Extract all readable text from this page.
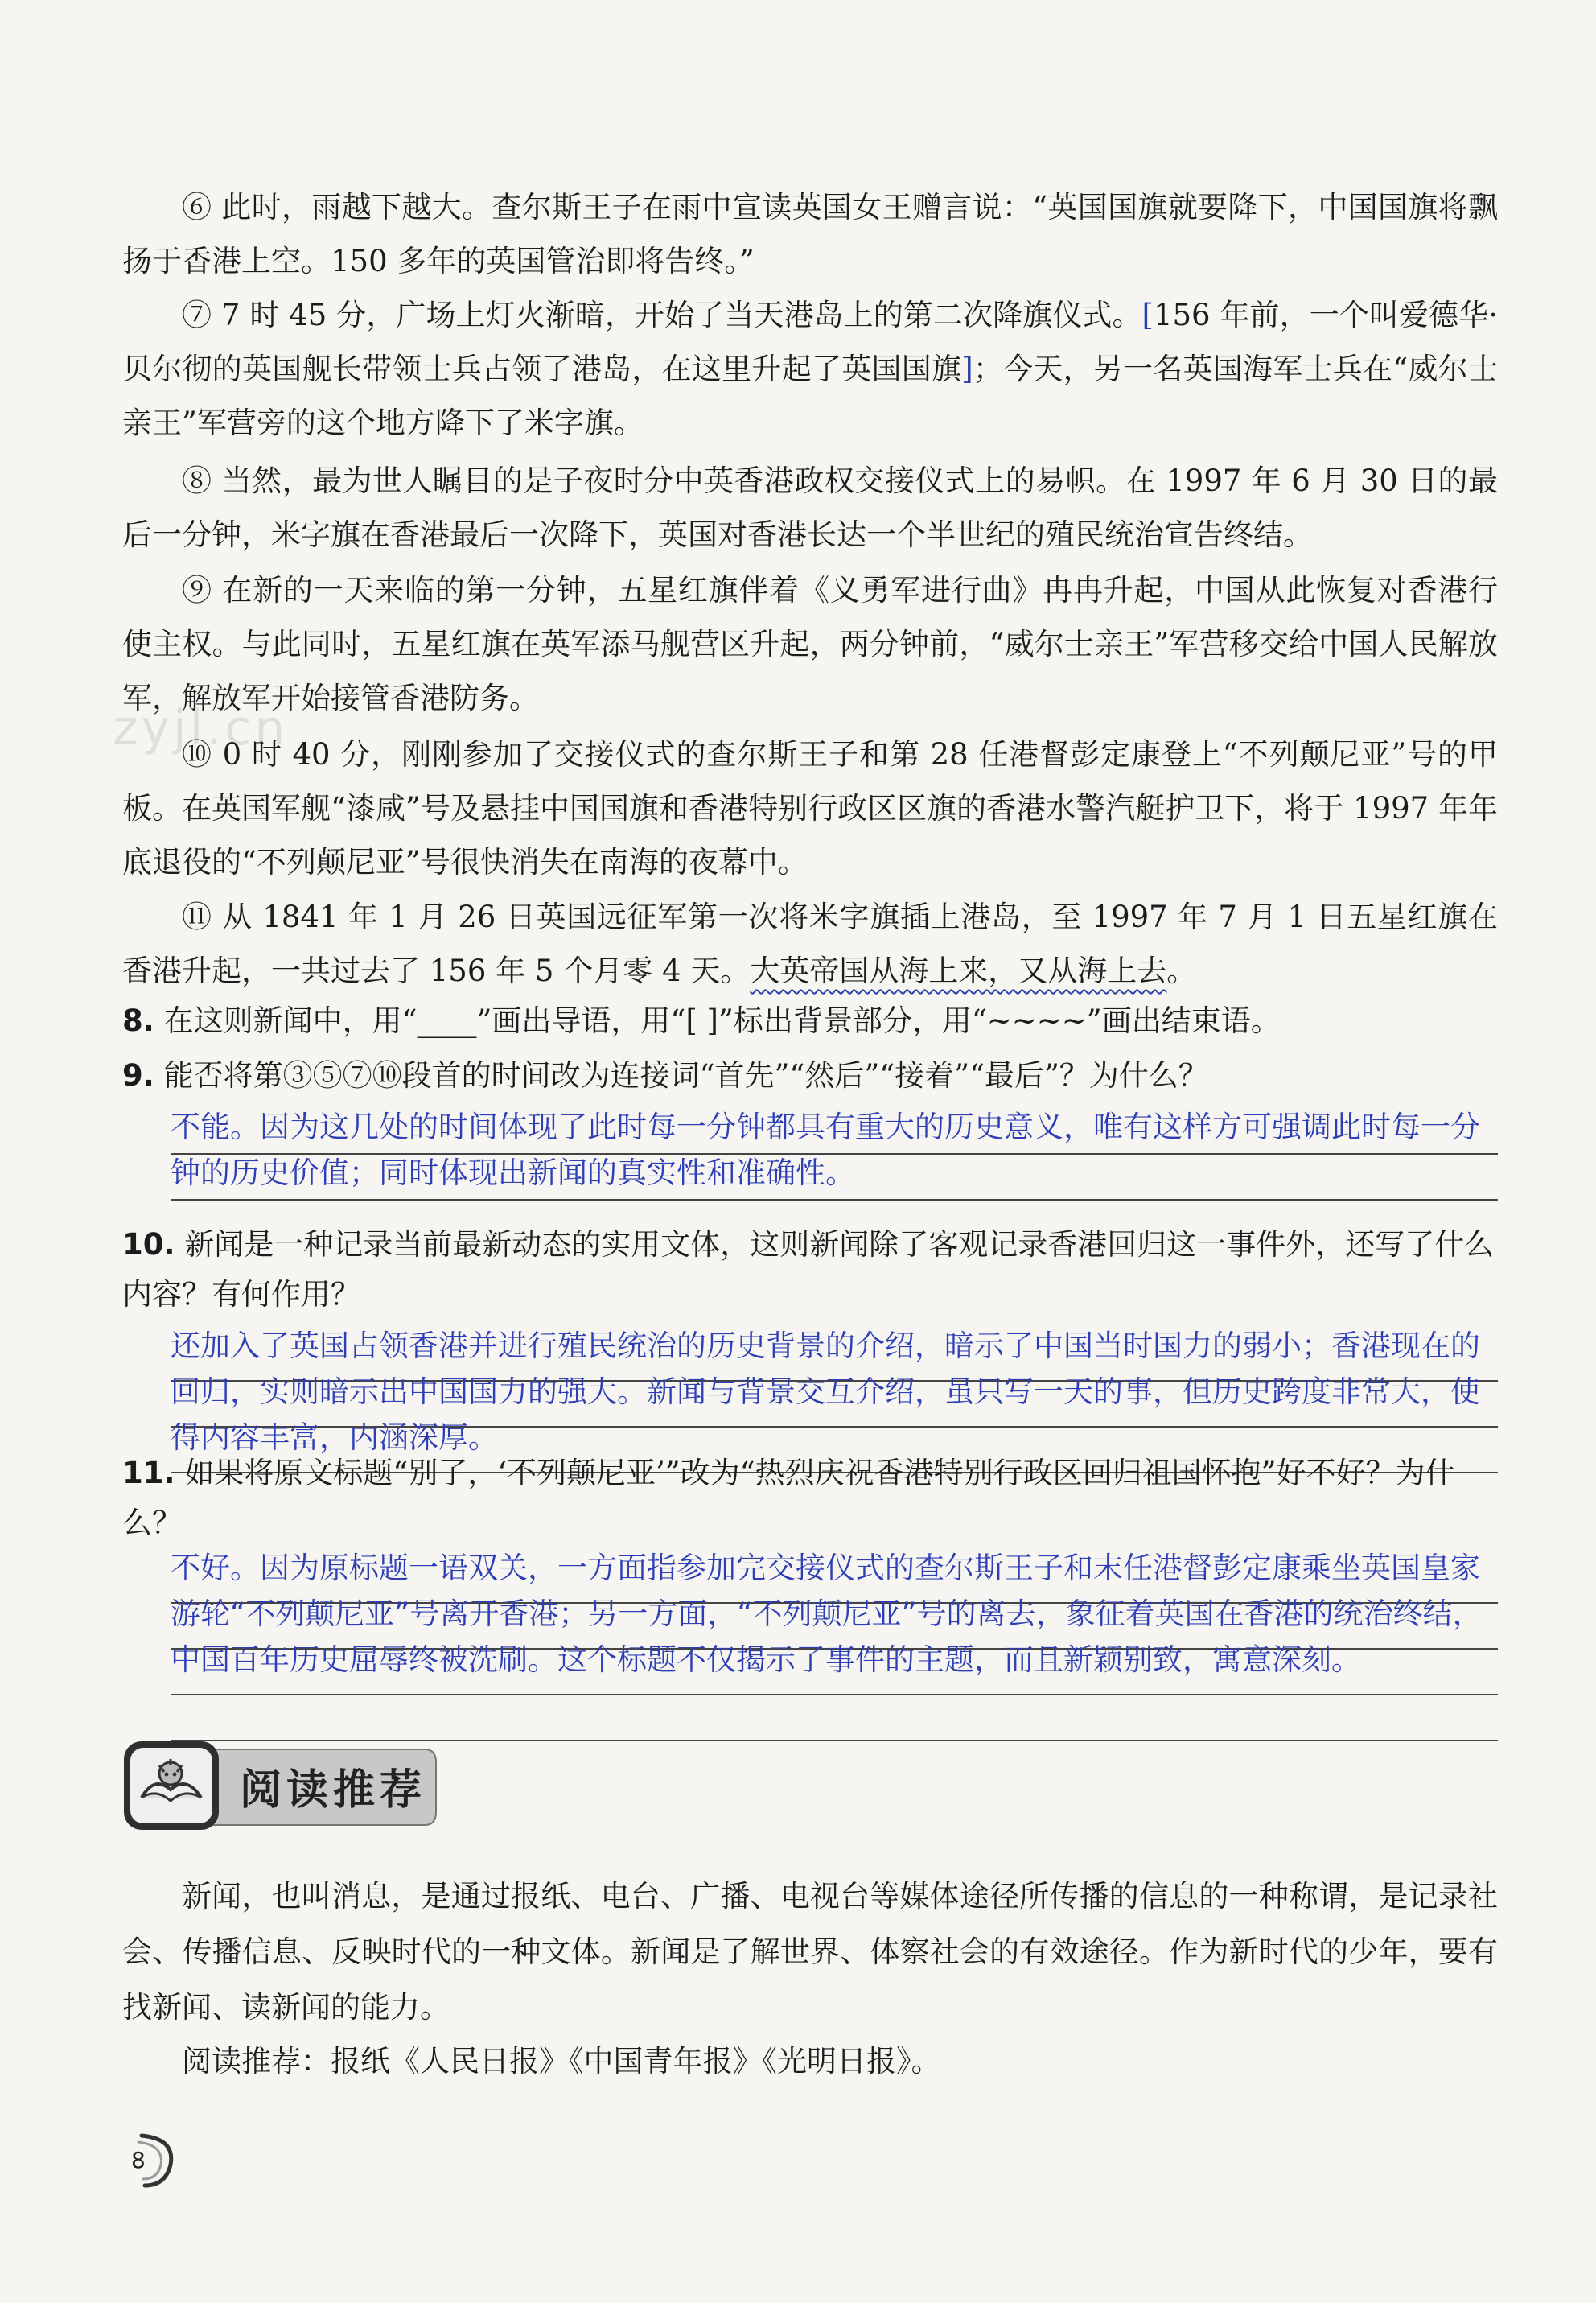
zyjl.cn
⑥ 此时，雨越下越大。查尔斯王子在雨中宣读英国女王赠言说：“英国国旗就要降下，中国国旗将飘扬于香港上空。150 多年的英国管治即将告终。”
⑦ 7 时 45 分，广场上灯火渐暗，开始了当天港岛上的第二次降旗仪式。[156 年前，一个叫爱德华·贝尔彻的英国舰长带领士兵占领了港岛，在这里升起了英国国旗]；今天，另一名英国海军士兵在“威尔士亲王”军营旁的这个地方降下了米字旗。
⑧ 当然，最为世人瞩目的是子夜时分中英香港政权交接仪式上的易帜。在 1997 年 6 月 30 日的最后一分钟，米字旗在香港最后一次降下，英国对香港长达一个半世纪的殖民统治宣告终结。
⑨ 在新的一天来临的第一分钟，五星红旗伴着《义勇军进行曲》冉冉升起，中国从此恢复对香港行使主权。与此同时，五星红旗在英军添马舰营区升起，两分钟前，“威尔士亲王”军营移交给中国人民解放军，解放军开始接管香港防务。
⑩ 0 时 40 分，刚刚参加了交接仪式的查尔斯王子和第 28 任港督彭定康登上“不列颠尼亚”号的甲板。在英国军舰“漆咸”号及悬挂中国国旗和香港特别行政区区旗的香港水警汽艇护卫下，将于 1997 年年底退役的“不列颠尼亚”号很快消失在南海的夜幕中。
⑪ 从 1841 年 1 月 26 日英国远征军第一次将米字旗插上港岛，至 1997 年 7 月 1 日五星红旗在香港升起，一共过去了 156 年 5 个月零 4 天。大英帝国从海上来，又从海上去。
8. 在这则新闻中，用“____”画出导语，用“[ ]”标出背景部分，用“~~~~”画出结束语。
9. 能否将第③⑤⑦⑩段首的时间改为连接词“首先”“然后”“接着”“最后”？为什么？
不能。因为这几处的时间体现了此时每一分钟都具有重大的历史意义，唯有这样方可强调此时每一分钟的历史价值；同时体现出新闻的真实性和准确性。
10. 新闻是一种记录当前最新动态的实用文体，这则新闻除了客观记录香港回归这一事件外，还写了什么内容？有何作用？
还加入了英国占领香港并进行殖民统治的历史背景的介绍，暗示了中国当时国力的弱小；香港现在的回归，实则暗示出中国国力的强大。新闻与背景交互介绍，虽只写一天的事，但历史跨度非常大，使得内容丰富，内涵深厚。
11. 如果将原文标题“别了，‘不列颠尼亚’”改为“热烈庆祝香港特别行政区回归祖国怀抱”好不好？为什么？
不好。因为原标题一语双关，一方面指参加完交接仪式的查尔斯王子和末任港督彭定康乘坐英国皇家游轮“不列颠尼亚”号离开香港；另一方面，“不列颠尼亚”号的离去，象征着英国在香港的统治终结，中国百年历史屈辱终被洗刷。这个标题不仅揭示了事件的主题，而且新颖别致，寓意深刻。
阅读推荐
新闻，也叫消息，是通过报纸、电台、广播、电视台等媒体途径所传播的信息的一种称谓，是记录社会、传播信息、反映时代的一种文体。新闻是了解世界、体察社会的有效途径。作为新时代的少年，要有找新闻、读新闻的能力。
阅读推荐：报纸《人民日报》《中国青年报》《光明日报》。
8
